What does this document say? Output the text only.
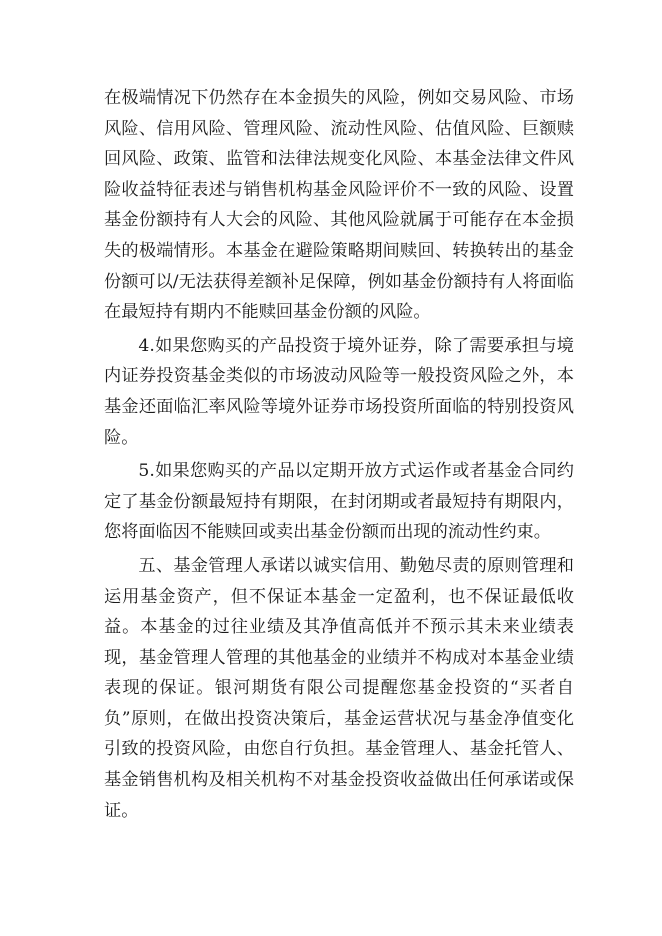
在极端情况下仍然存在本金损失的风险，例如交易风险、市场风险、信用风险、管理风险、流动性风险、估值风险、巨额赎回风险、政策、监管和法律法规变化风险、本基金法律文件风险收益特征表述与销售机构基金风险评价不一致的风险、设置基金份额持有人大会的风险、其他风险就属于可能存在本金损失的极端情形。本基金在避险策略期间赎回、转换转出的基金份额可以/无法获得差额补足保障，例如基金份额持有人将面临在最短持有期内不能赎回基金份额的风险。

4.如果您购买的产品投资于境外证券，除了需要承担与境内证券投资基金类似的市场波动风险等一般投资风险之外，本基金还面临汇率风险等境外证券市场投资所面临的特别投资风险。

5.如果您购买的产品以定期开放方式运作或者基金合同约定了基金份额最短持有期限，在封闭期或者最短持有期限内，您将面临因不能赎回或卖出基金份额而出现的流动性约束。

五、基金管理人承诺以诚实信用、勤勉尽责的原则管理和运用基金资产，但不保证本基金一定盈利，也不保证最低收益。本基金的过往业绩及其净值高低并不预示其未来业绩表现，基金管理人管理的其他基金的业绩并不构成对本基金业绩表现的保证。银河期货有限公司提醒您基金投资的“买者自负”原则，在做出投资决策后，基金运营状况与基金净值变化引致的投资风险，由您自行负担。基金管理人、基金托管人、基金销售机构及相关机构不对基金投资收益做出任何承诺或保证。
